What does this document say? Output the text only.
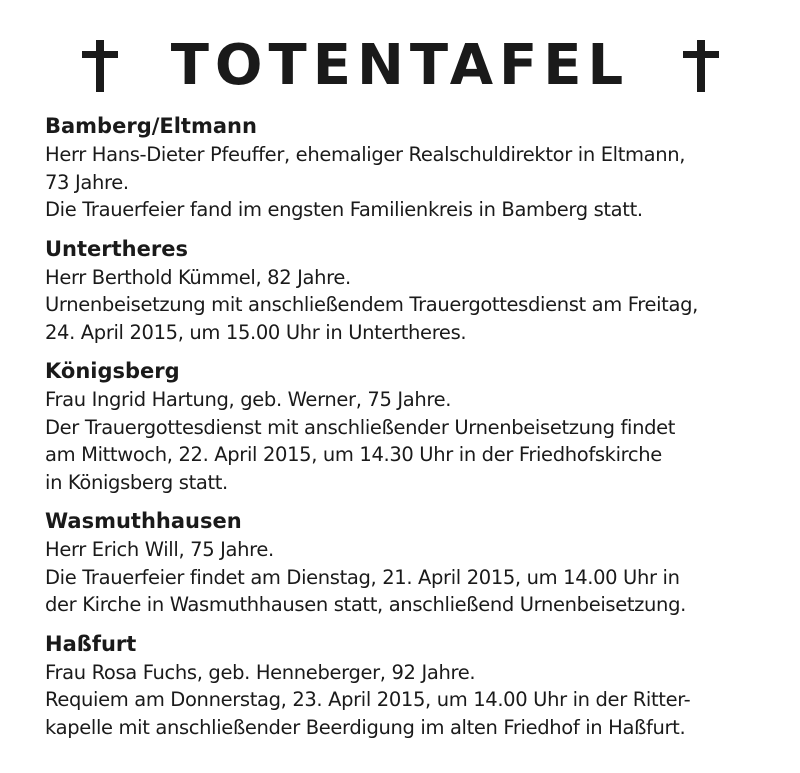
TOTENTAFEL
Bamberg/Eltmann
Herr Hans-Dieter Pfeuffer, ehemaliger Realschuldirektor in Eltmann,
73 Jahre.
Die Trauerfeier fand im engsten Familienkreis in Bamberg statt.
Untertheres
Herr Berthold Kümmel, 82 Jahre.
Urnenbeisetzung mit anschließendem Trauergottesdienst am Freitag,
24. April 2015, um 15.00 Uhr in Untertheres.
Königsberg
Frau Ingrid Hartung, geb. Werner, 75 Jahre.
Der Trauergottesdienst mit anschließender Urnenbeisetzung findet
am Mittwoch, 22. April 2015, um 14.30 Uhr in der Friedhofskirche
in Königsberg statt.
Wasmuthhausen
Herr Erich Will, 75 Jahre.
Die Trauerfeier findet am Dienstag, 21. April 2015, um 14.00 Uhr in
der Kirche in Wasmuthhausen statt, anschließend Urnenbeisetzung.
Haßfurt
Frau Rosa Fuchs, geb. Henneberger, 92 Jahre.
Requiem am Donnerstag, 23. April 2015, um 14.00 Uhr in der Ritter-
kapelle mit anschließender Beerdigung im alten Friedhof in Haßfurt.
